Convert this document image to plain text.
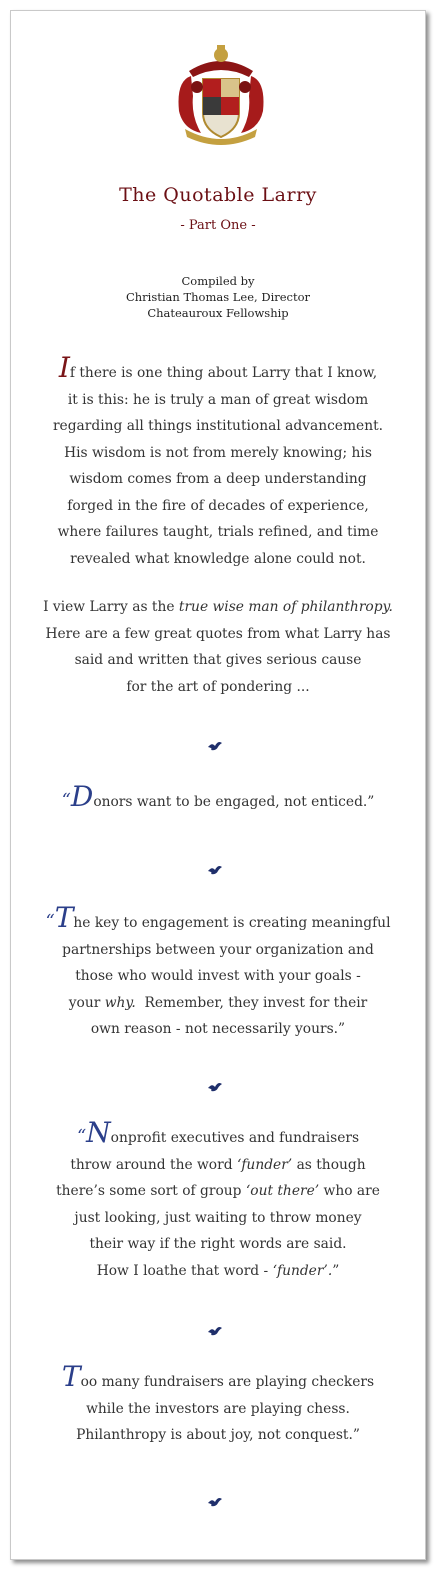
The Quotable Larry
- Part One -
Compiled by
Christian Thomas Lee, Director
Chateauroux Fellowship
If there is one thing about Larry that I know,
it is this: he is truly a man of great wisdom
regarding all things institutional advancement.
His wisdom is not from merely knowing; his
wisdom comes from a deep understanding
forged in the fire of decades of experience,
where failures taught, trials refined, and time
revealed what knowledge alone could not.
I view Larry as the true wise man of philanthropy.
Here are a few great quotes from what Larry has
said and written that gives serious cause
for the art of pondering ...
“Donors want to be engaged, not enticed.”
“The key to engagement is creating meaningful
partnerships between your organization and
those who would invest with your goals -
your why.  Remember, they invest for their
own reason - not necessarily yours.”
“Nonprofit executives and fundraisers
throw around the word ‘funder’ as though
there’s some sort of group ‘out there’ who are
just looking, just waiting to throw money
their way if the right words are said.
How I loathe that word - ‘funder’.”
Too many fundraisers are playing checkers
while the investors are playing chess.
Philanthropy is about joy, not conquest.”
